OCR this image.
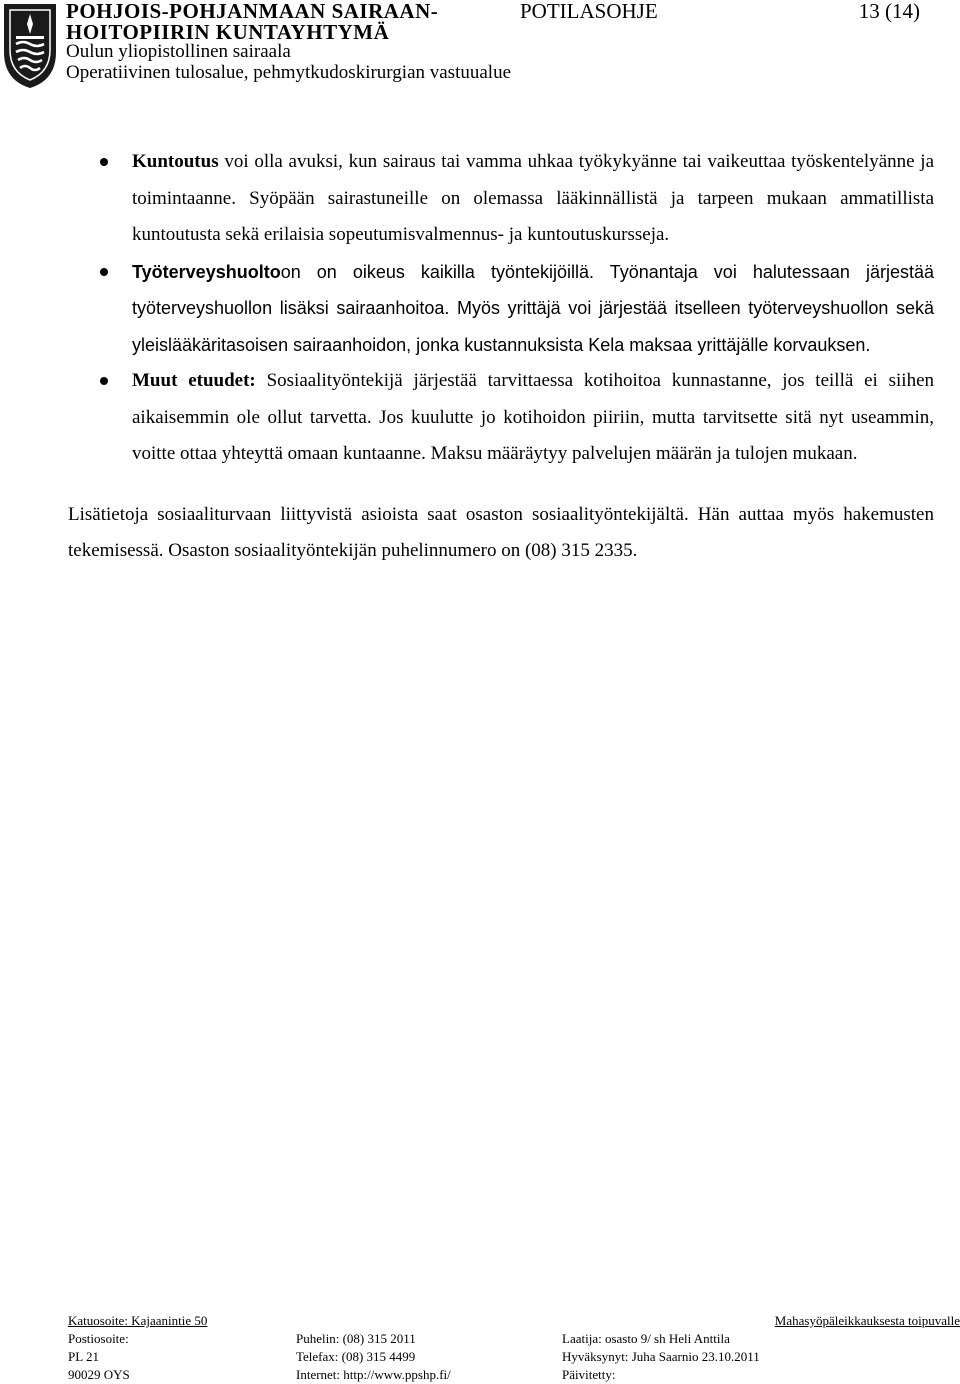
POHJOIS-POHJANMAAN SAIRAAN-
HOITOPIIRIN KUNTAYHTYMÄ
Oulun yliopistollinen sairaala
Operatiivinen tulosalue, pehmytkudoskirurgian vastuualue
POTILASOHJE	13 (14)
Kuntoutus voi olla avuksi, kun sairaus tai vamma uhkaa työkykyänne tai vaikeuttaa työskentelyänne ja toimintaanne. Syöpään sairastuneille on olemassa lääkinnällistä ja tarpeen mukaan ammatillista kuntoutusta sekä erilaisia sopeutumisvalmennus- ja kuntoutuskursseja.
Työterveyshuoltoon on oikeus kaikilla työntekijöillä. Työnantaja voi halutessaan järjestää työterveyshuollon lisäksi sairaanhoitoa. Myös yrittäjä voi järjestää itselleen työterveyshuollon sekä yleislääkäritasoisen sairaanhoidon, jonka kustannuksista Kela maksaa yrittäjälle korvauksen.
Muut etuudet: Sosiaalityöntekijä järjestää tarvittaessa kotihoitoa kunnastanne, jos teillä ei siihen aikaisemmin ole ollut tarvetta. Jos kuulutte jo kotihoidon piiriin, mutta tarvitsette sitä nyt useammin, voitte ottaa yhteyttä omaan kuntaanne. Maksu määräytyy palvelujen määrän ja tulojen mukaan.

Lisätietoja sosiaaliturvaan liittyvistä asioista saat osaston sosiaalityöntekijältä. Hän auttaa myös hakemusten tekemisessä. Osaston sosiaalityöntekijän puhelinnumero on (08) 315 2335.

Katuosoite: Kajaanintie 50
Postiosoite:
PL 21
90029 OYS
Puhelin: (08) 315 2011
Telefax: (08) 315 4499
Internet: http://www.ppshp.fi/
Laatija: osasto 9/ sh Heli Anttila
Hyväksynyt: Juha Saarnio 23.10.2011
Päivitetty:
Mahasyöpäleikkauksesta toipuvalle
